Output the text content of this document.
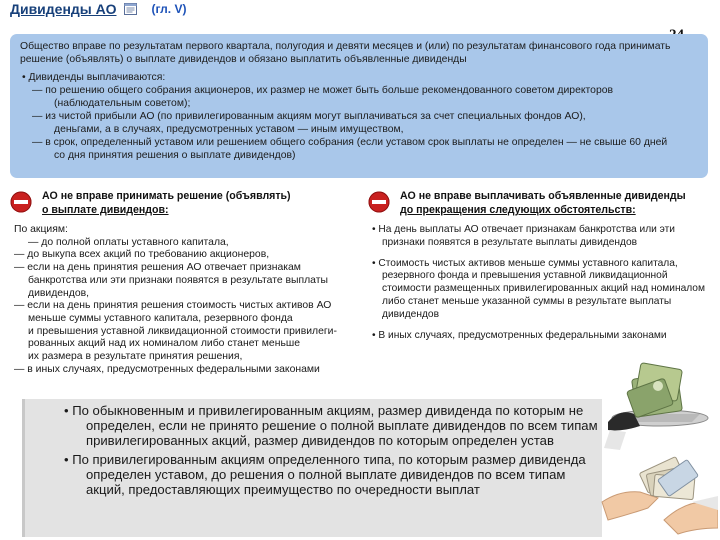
Дивиденды АО	(гл. V)

Общество вправе по результатам первого квартала, полугодия и девяти месяцев и (или) по результатам финансового года принимать решение (объявлять) о выплате дивидендов и обязано выплатить объявленные дивиденды

• Дивиденды выплачиваются:
— по решению общего собрания акционеров, их размер не может быть больше рекомендованного советом директоров
(наблюдательным советом);
— из чистой прибыли АО (по привилегированным акциям могут выплачиваться за счет специальных фондов АО),
деньгами, а в случаях, предусмотренных уставом — иным имуществом,
— в срок, определенный уставом или решением общего собрания (если уставом срок выплаты не определен — не свыше 60 дней
со дня принятия решения о выплате дивидендов)
АО не вправе принимать решение (объявлять)
о выплате дивидендов:
АО не вправе выплачивать объявленные дивиденды
до прекращения следующих обстоятельств:
По акциям:
— до полной оплаты уставного капитала,
— до выкупа всех акций по требованию акционеров,
— если на день принятия решения АО отвечает признакам
банкротства или эти признаки появятся в результате выплаты
дивидендов,
— если на день принятия решения стоимость чистых активов АО
меньше суммы уставного капитала, резервного фонда
и превышения уставной ликвидационной стоимости привилеги-
рованных акций над их номиналом либо станет меньше
их размера в результате принятия решения,
— в иных случаях, предусмотренных федеральными законами
• На день выплаты АО отвечает признакам банкротства или эти признаки появятся в результате выплаты дивидендов
• Стоимость чистых активов меньше суммы уставного капитала, резервного фонда и превышения уставной ликвидационной стоимости размещенных привилегированных акций над номиналом либо станет меньше указанной суммы в результате выплаты дивидендов
• В иных случаях, предусмотренных федеральными законами
• По обыкновенным и привилегированным акциям, размер дивиденда по которым не определен, если не принято решение о полной выплате дивидендов по всем типам привилегированных акций, размер дивидендов по которым определен устав
• По привилегированным акциям определенного типа, по которым размер дивиденда определен уставом, до решения о полной выплате дивидендов по всем типам акций, предоставляющих преимущество по очередности выплат
